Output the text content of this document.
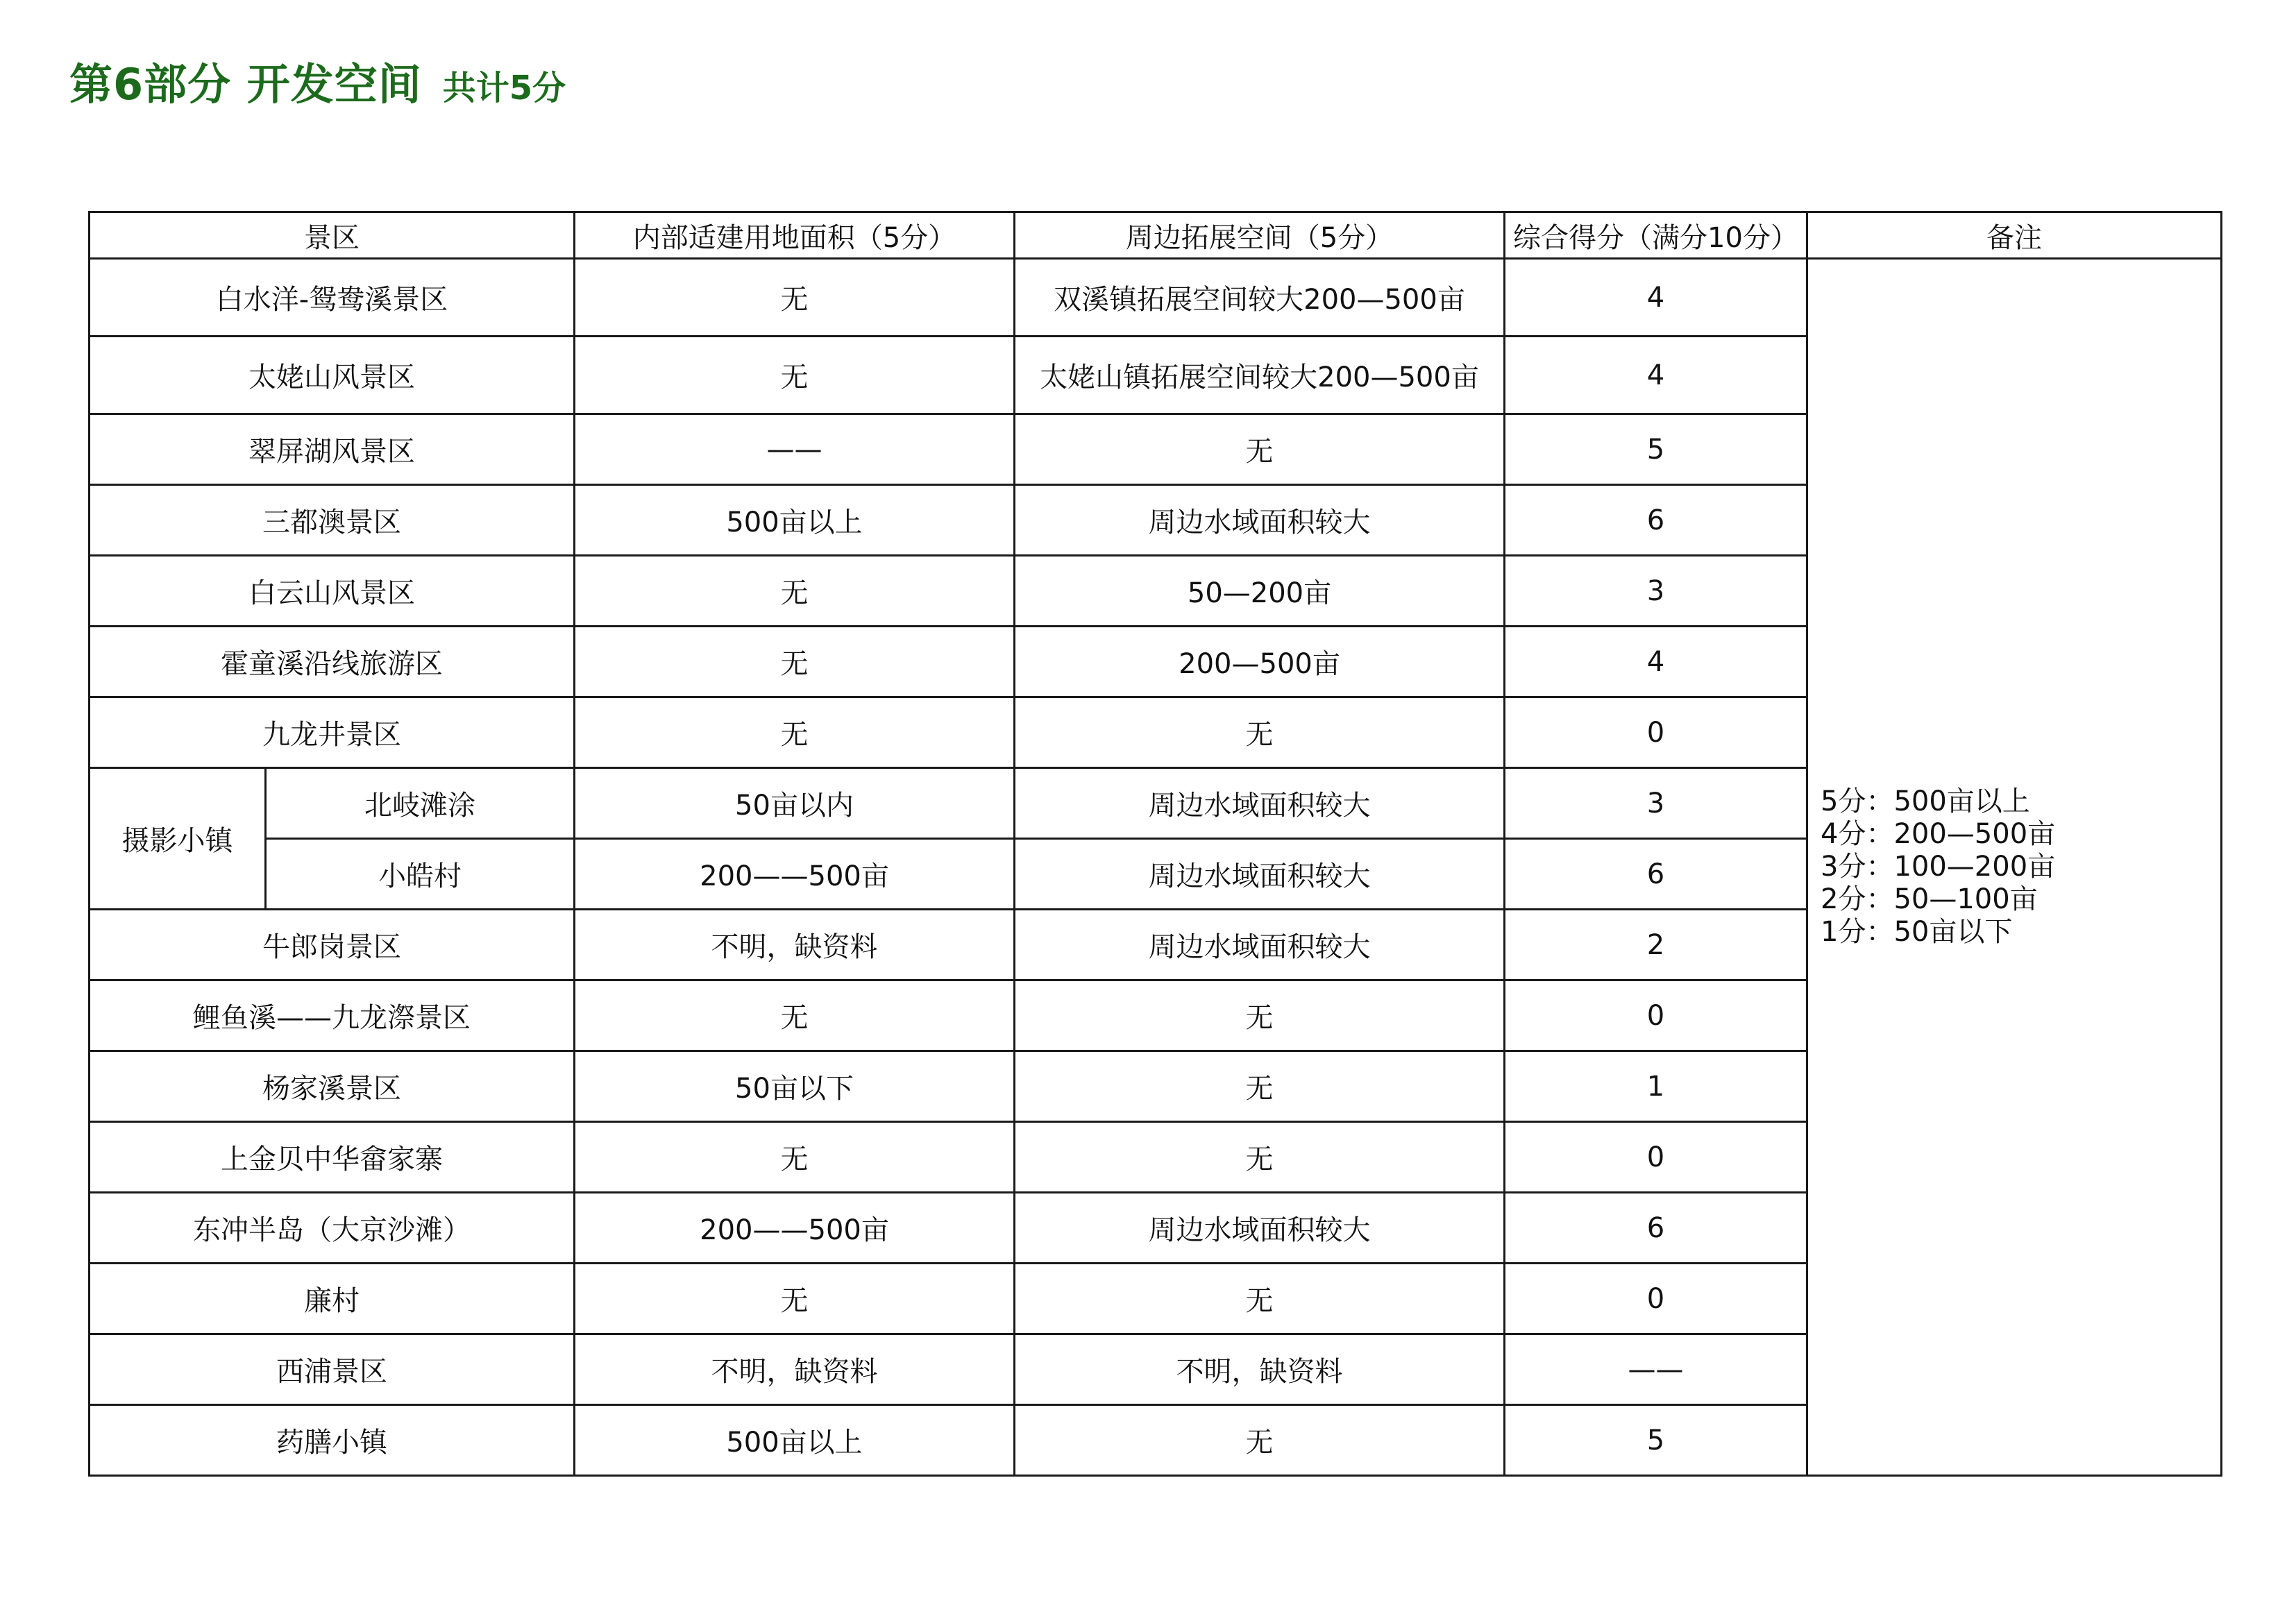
第6部分 开发空间 共计5分
景区		内部适建用地面积（5分）	周边拓展空间（5分）	综合得分（满分10分）	备注
白水洋-鸳鸯溪景区		无	双溪镇拓展空间较大200—500亩	4	5分：500亩以上
4分：200—500亩
3分：100—200亩
2分：50—100亩
1分：50亩以下

太姥山风景区		无	太姥山镇拓展空间较大200—500亩	4	
翠屏湖风景区		——	无	5	
三都澳景区		500亩以上	周边水域面积较大	6	
白云山风景区		无	50—200亩	3	
霍童溪沿线旅游区		无	200—500亩	4	
九龙井景区		无	无	0	
摄影小镇	北岐滩涂	50亩以内	周边水域面积较大	3	
	小皓村	200——500亩	周边水域面积较大	6	
牛郎岗景区		不明，缺资料	周边水域面积较大	2	
鲤鱼溪——九龙漈景区		无	无	0	
杨家溪景区		50亩以下	无	1	
上金贝中华畲家寨		无	无	0	
东冲半岛（大京沙滩）		200——500亩	周边水域面积较大	6	
廉村		无	无	0	
西浦景区		不明，缺资料	不明，缺资料	——	
药膳小镇		500亩以上	无	5	
